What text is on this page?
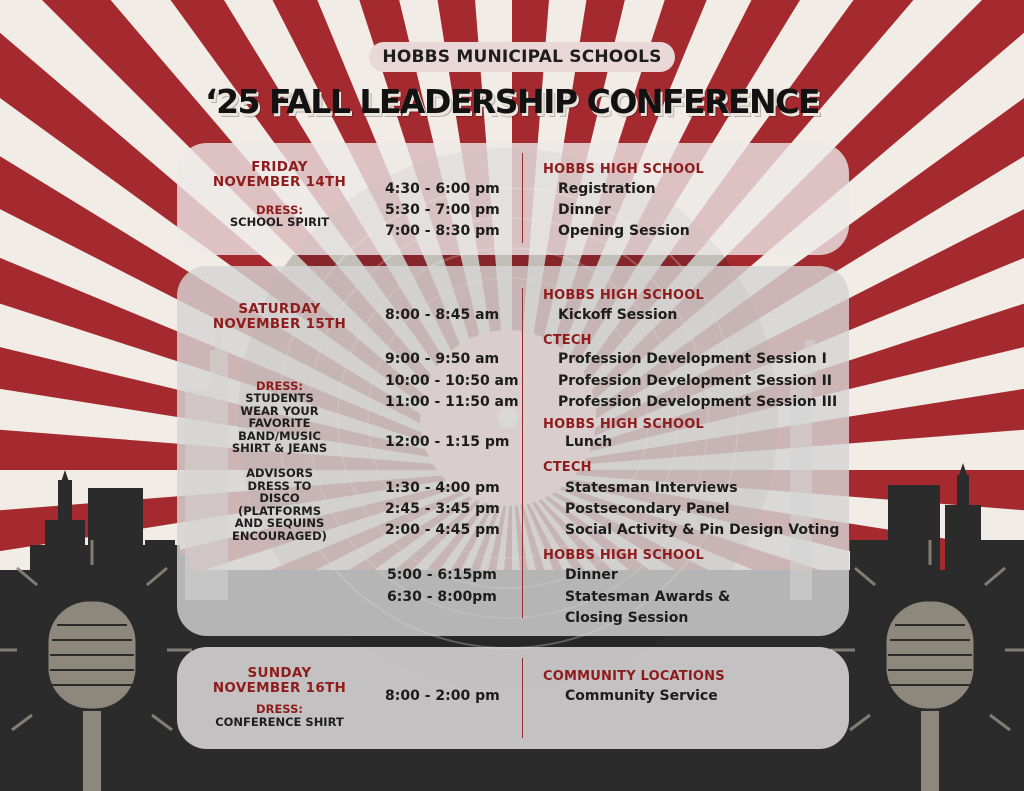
HOBBS MUNICIPAL SCHOOLS
‘25 FALL LEADERSHIP CONFERENCE
FRIDAY
NOVEMBER 14TH
DRESS:
SCHOOL SPIRIT
4:30 - 6:00 pm
5:30 - 7:00 pm
7:00 - 8:30 pm
HOBBS HIGH SCHOOL
Registration
Dinner
Opening Session
SATURDAY
NOVEMBER 15TH
DRESS:
STUDENTS
WEAR YOUR
FAVORITE
BAND/MUSIC
SHIRT & JEANS
ADVISORS
DRESS TO
DISCO
(PLATFORMS
AND SEQUINS
ENCOURAGED)
8:00 - 8:45 am
9:00 - 9:50 am
10:00 - 10:50 am
11:00 - 11:50 am
12:00 - 1:15 pm
1:30 - 4:00 pm
2:45 - 3:45 pm
2:00 - 4:45 pm
5:00 - 6:15pm
6:30 - 8:00pm
HOBBS HIGH SCHOOL
Kickoff Session
CTECH
Profession Development Session I
Profession Development Session II
Profession Development Session III
HOBBS HIGH SCHOOL
Lunch
CTECH
Statesman Interviews
Postsecondary Panel
Social Activity & Pin Design Voting
HOBBS HIGH SCHOOL
Dinner
Statesman Awards &
Closing Session
SUNDAY
NOVEMBER 16TH
DRESS:
CONFERENCE SHIRT
8:00 - 2:00 pm
COMMUNITY LOCATIONS
Community Service
